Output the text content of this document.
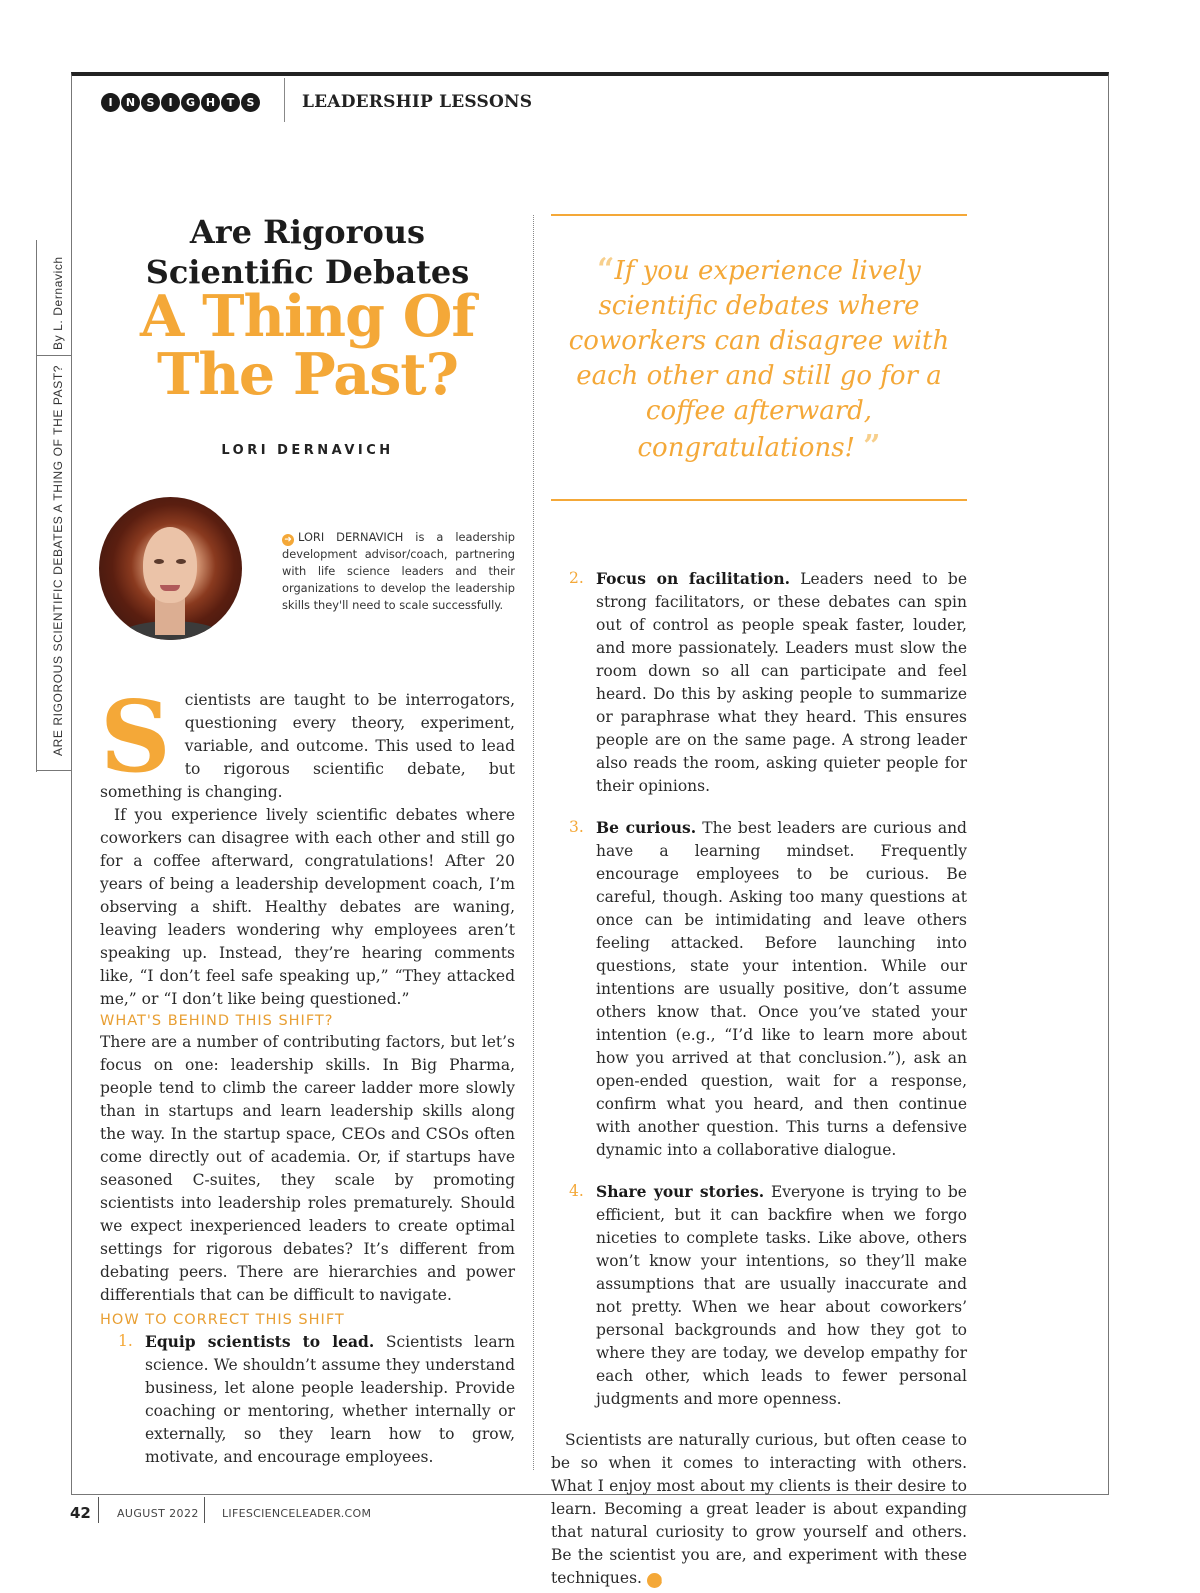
I	N	S	I	G H	T	S	LEADERSHIP LESSONS
By L. Dernavich
ARE RIGOROUS SCIENTIFIC DEBATES A THING OF THE PAST?
Are Rigorous
Scientific Debates
A Thing Of
The Past?
LORI DERNAVICH
➜ LORI DERNAVICH is a leadership development advisor/coach, partnering with life science leaders and their organizations to develop the leadership skills they'll need to scale successfully.

Scientists are taught to be interrogators, questioning every theory, experiment, variable, and outcome. This used to lead to rigorous scientific debate, but something is changing.

If you experience lively scientific debates where coworkers can disagree with each other and still go for a coffee afterward, congratulations! After 20 years of being a leadership development coach, I’m observing a shift. Healthy debates are waning, leaving leaders wondering why employees aren’t speaking up. Instead, they’re hearing comments like, “I don’t feel safe speaking up,” “They attacked me,” or “I don’t like being questioned.”

WHAT'S BEHIND THIS SHIFT?

There are a number of contributing factors, but let’s focus on one: leadership skills. In Big Pharma, people tend to climb the career ladder more slowly than in startups and learn leadership skills along the way. In the startup space, CEOs and CSOs often come directly out of academia. Or, if startups have seasoned C-suites, they scale by promoting scientists into leadership roles prematurely. Should we expect inexperienced leaders to create optimal settings for rigorous debates? It’s different from debating peers. There are hierarchies and power differentials that can be difficult to navigate.

HOW TO CORRECT THIS SHIFT
1. Equip scientists to lead. Scientists learn science. We shouldn’t assume they understand business, let alone people leadership. Provide coaching or mentoring, whether internally or externally, so they learn how to grow, motivate, and encourage employees.
“If you experience lively scientific debates where coworkers can disagree with each other and still go for a coffee afterward, congratulations! ”
2. Focus on facilitation. Leaders need to be strong facilitators, or these debates can spin out of control as people speak faster, louder, and more passionately. Leaders must slow the room down so all can participate and feel heard. Do this by asking people to summarize or paraphrase what they heard. This ensures people are on the same page. A strong leader also reads the room, asking quieter people for their opinions.
3. Be curious. The best leaders are curious and have a learning mindset. Frequently encourage employees to be curious. Be careful, though. Asking too many questions at once can be intimidating and leave others feeling attacked. Before launching into questions, state your intention. While our intentions are usually positive, don’t assume others know that. Once you’ve stated your intention (e.g., “I’d like to learn more about how you arrived at that conclusion.”), ask an open-ended question, wait for a response, confirm what you heard, and then continue with another question. This turns a defensive dynamic into a collaborative dialogue.
4. Share your stories. Everyone is trying to be efficient, but it can backfire when we forgo niceties to complete tasks. Like above, others won’t know your intentions, so they’ll make assumptions that are usually inaccurate and not pretty. When we hear about coworkers’ personal backgrounds and how they got to where they are today, we develop empathy for each other, which leads to fewer personal judgments and more openness.

Scientists are naturally curious, but often cease to be so when it comes to interacting with others. What I enjoy most about my clients is their desire to learn. Becoming a great leader is about expanding that natural curiosity to grow yourself and others. Be the scientist you are, and experiment with these techniques. L

42 AUGUST 2022 LIFESCIENCELEADER.COM
